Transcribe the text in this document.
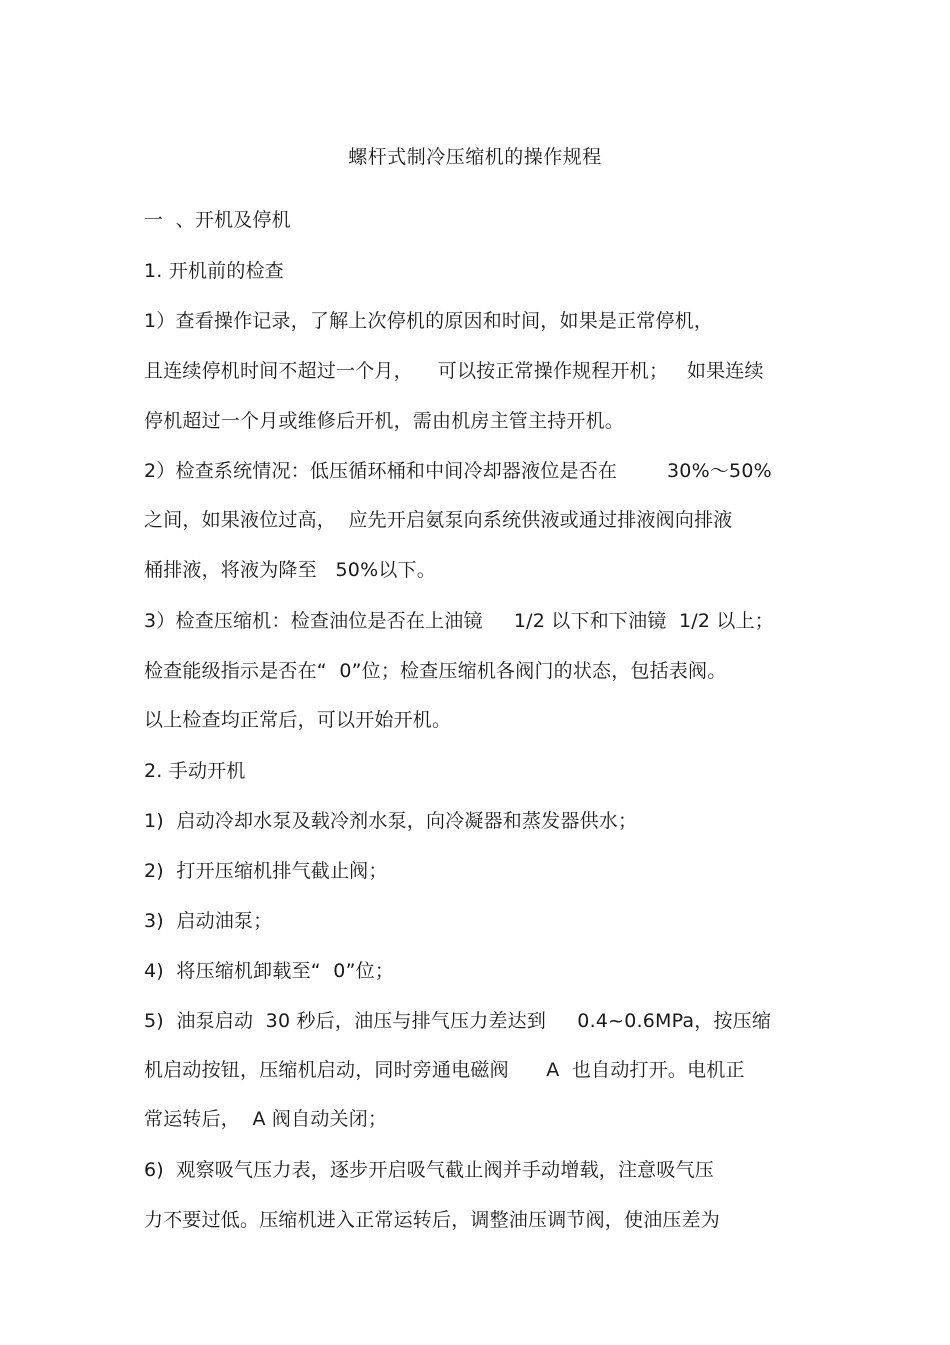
螺杆式制冷压缩机的操作规程
一  、开机及停机
1. 开机前的检查
1）查看操作记录，了解上次停机的原因和时间，如果是正常停机，
且连续停机时间不超过一个月，    可以按正常操作规程开机；   如果连续
停机超过一个月或维修后开机，需由机房主管主持开机。
2）检查系统情况：低压循环桶和中间冷却器液位是否在        30%～50%
之间，如果液位过高，  应先开启氨泵向系统供液或通过排液阀向排液
桶排液，将液为降至   50%以下。
3）检查压缩机：检查油位是否在上油镜     1/2 以下和下油镜  1/2 以上；
检查能级指示是否在“  0”位；检查压缩机各阀门的状态，包括表阀。
以上检查均正常后，可以开始开机。
2. 手动开机
1)  启动冷却水泵及载冷剂水泵，向冷凝器和蒸发器供水；
2)  打开压缩机排气截止阀；
3)  启动油泵；
4)  将压缩机卸载至“  0”位；
5)  油泵启动  30 秒后，油压与排气压力差达到     0.4~0.6MPa，按压缩
机启动按钮，压缩机启动，同时旁通电磁阀      A  也自动打开。电机正
常运转后，  A 阀自动关闭；
6)  观察吸气压力表，逐步开启吸气截止阀并手动增载，注意吸气压
力不要过低。压缩机进入正常运转后，调整油压调节阀，使油压差为
